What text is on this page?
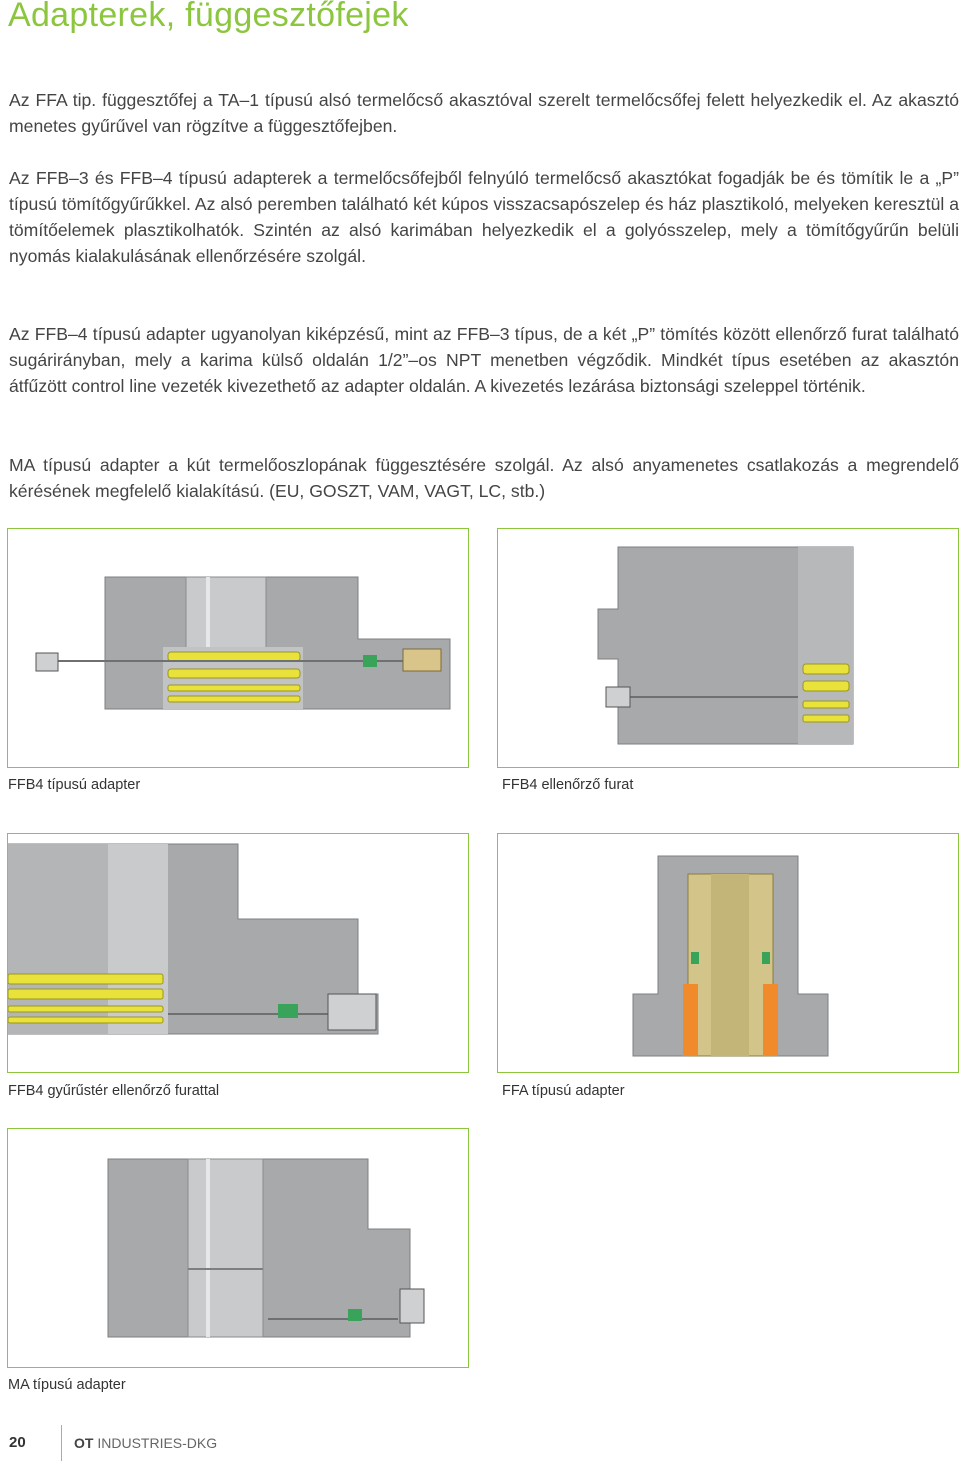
Adapterek, függesztőfejek

Az FFA tip. függesztőfej a TA–1 típusú alsó termelőcső akasztóval szerelt termelőcsőfej felett helyezkedik el. Az akasztó menetes gyűrűvel van rögzítve a függesztőfejben.

Az FFB–3 és FFB–4 típusú adapterek a termelőcsőfejből felnyúló termelőcső akasztókat fogadják be és tömítik le a „P” típusú tömítőgyűrűkkel. Az alsó peremben található két kúpos visszacsapószelep és ház plasztikoló, melyeken keresztül a tömítőelemek plasztikolhatók. Szintén az alsó karimában helyezkedik el a golyósszelep, mely a tömítőgyűrűn belüli nyomás kialakulásának ellenőrzésére szolgál.

Az FFB–4 típusú adapter ugyanolyan kiképzésű, mint az FFB–3 típus, de a két „P” tömítés között ellenőrző furat található sugárirányban, mely a karima külső oldalán 1/2”–os NPT menetben végződik. Mindkét típus esetében az akasztón átfűzött control line vezeték kivezethető az adapter oldalán. A kivezetés lezárása biztonsági szeleppel történik.

MA típusú adapter a kút termelőoszlopának függesztésére szolgál. Az alsó anyamenetes csatlakozás a megrendelő kérésének megfelelő kialakítású. (EU, GOSZT, VAM, VAGT, LC, stb.)

FFB4 típusú adapter	FFB4 ellenőrző furat

FFB4 gyűrűstér ellenőrző furattal	FFA típusú adapter

MA típusú adapter

20	OT INDUSTRIES-DKG
